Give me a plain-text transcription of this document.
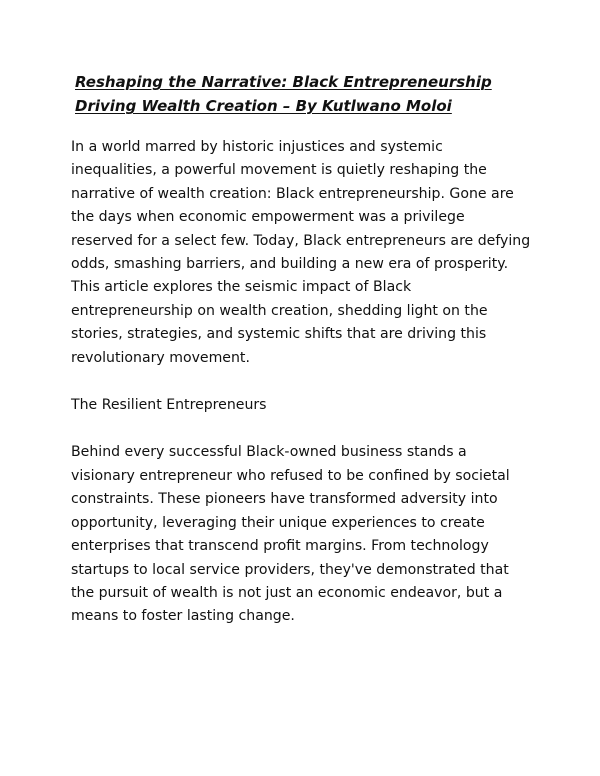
Reshaping the Narrative: Black Entrepreneurship Driving Wealth Creation – By Kutlwano Moloi

In a world marred by historic injustices and systemic inequalities, a powerful movement is quietly reshaping the narrative of wealth creation: Black entrepreneurship. Gone are the days when economic empowerment was a privilege reserved for a select few. Today, Black entrepreneurs are defying odds, smashing barriers, and building a new era of prosperity. This article explores the seismic impact of Black entrepreneurship on wealth creation, shedding light on the stories, strategies, and systemic shifts that are driving this revolutionary movement.

The Resilient Entrepreneurs

Behind every successful Black-owned business stands a visionary entrepreneur who refused to be confined by societal constraints. These pioneers have transformed adversity into opportunity, leveraging their unique experiences to create enterprises that transcend profit margins. From technology startups to local service providers, they've demonstrated that the pursuit of wealth is not just an economic endeavor, but a means to foster lasting change.
